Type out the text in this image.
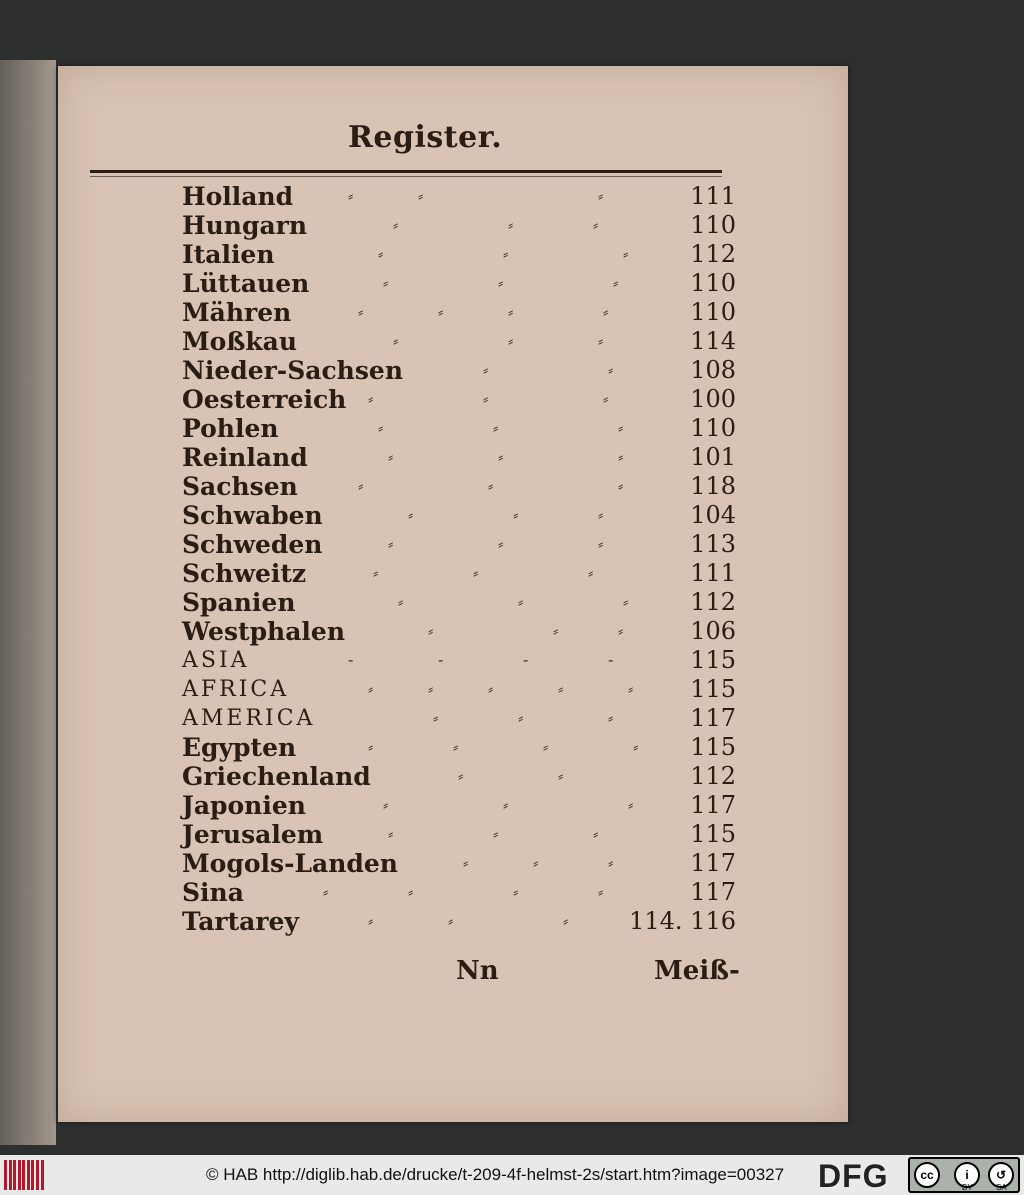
Register.
Holland	⸗	⸗	⸗	111
Hungarn	⸗	⸗	⸗	110
Italien	⸗	⸗	⸗	112
Lüttauen	⸗	⸗	⸗	110
Mähren	⸗	⸗	⸗	⸗	110
Moßkau	⸗	⸗	⸗	114
Nieder-Sachsen	⸗	⸗	108
Oesterreich ⸗	⸗	⸗	100
Pohlen	⸗	⸗	⸗	110
Reinland	⸗	⸗	⸗	101
Sachsen	⸗	⸗	⸗	118
Schwaben	⸗	⸗	⸗	104
Schweden	⸗	⸗	⸗	113
Schweitz	⸗	⸗	⸗	111
Spanien	⸗	⸗	⸗	112
Westphalen	⸗	⸗	⸗	106
ASIA	-	-	-	-	115
AFRICA	⸗	⸗	⸗	⸗	⸗ 115
AMERICA	⸗	⸗	⸗	117
Egypten	⸗	⸗	⸗	⸗ 115
Griechenland	⸗	⸗	112
Japonien	⸗	⸗	⸗ 117
Jerusalem	⸗	⸗	⸗	115
Mogols-Landen	⸗	⸗	⸗	117
Sina	⸗	⸗	⸗	⸗	117
Tartarey	⸗	⸗	⸗	114. 116
Nn	Meiß-
© HAB http://diglib.hab.de/drucke/t-209-4f-helmst-2s/start.htm?image=00327 DFG	cc	i	↺
BY	SA
